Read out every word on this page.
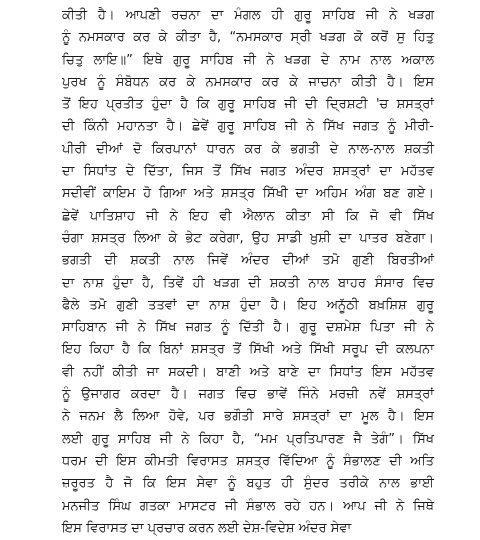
ਕੀਤੀ ਹੈ। ਆਪਣੀ ਰਚਨਾ ਦਾ ਮੰਗਲ ਹੀ ਗੁਰੂ ਸਾਹਿਬ ਜੀ ਨੇ ਖੜਗ
ਨੂੰ ਨਮਸਕਾਰ ਕਰ ਕੇ ਕੀਤਾ ਹੈ, “ਨਮਸਕਾਰ ਸ੍ਰੀ ਖੜਗ ਕੋ ਕਰੋਂ ਸੁ ਹਿਤੁ
ਚਿਤੁ ਲਾਇ॥” ਇਥੇ ਗੁਰੂ ਸਾਹਿਬ ਜੀ ਨੇ ਖੜਗ ਦੇ ਨਾਮ ਨਾਲ ਅਕਾਲ
ਪੁਰਖ ਨੂੰ ਸੰਬੋਧਨ ਕਰ ਕੇ ਨਮਸਕਾਰ ਕਰ ਕੇ ਜਾਚਨਾ ਕੀਤੀ ਹੈ। ਇਸ
ਤੋਂ ਇਹ ਪ੍ਰਤੀਤ ਹੁੰਦਾ ਹੈ ਕਿ ਗੁਰੂ ਸਾਹਿਬ ਜੀ ਦੀ ਦ੍ਰਿਸ਼ਟੀ 'ਚ ਸ਼ਸਤ੍ਰਾਂ
ਦੀ ਕਿੰਨੀ ਮਹਾਨਤਾ ਹੈ। ਛੇਵੇਂ ਗੁਰੂ ਸਾਹਿਬ ਜੀ ਨੇ ਸਿੱਖ ਜਗਤ ਨੂੰ ਮੀਰੀ-
ਪੀਰੀ ਦੀਆਂ ਦੋ ਕਿਰਪਾਨਾਂ ਧਾਰਨ ਕਰ ਕੇ ਭਗਤੀ ਦੇ ਨਾਲ-ਨਾਲ ਸ਼ਕਤੀ
ਦਾ ਸਿਧਾਂਤ ਦੇ ਦਿੱਤਾ, ਜਿਸ ਤੋਂ ਸਿੱਖ ਜਗਤ ਅੰਦਰ ਸ਼ਸਤ੍ਰਾਂ ਦਾ ਮਹੱਤਵ
ਸਦੀਵੀਂ ਕਾਇਮ ਹੋ ਗਿਆ ਅਤੇ ਸ਼ਸਤ੍ਰ ਸਿੱਖੀ ਦਾ ਅਹਿਮ ਅੰਗ ਬਣ ਗਏ।
ਛੇਵੇਂ ਪਾਤਿਸ਼ਾਹ ਜੀ ਨੇ ਇਹ ਵੀ ਐਲਾਨ ਕੀਤਾ ਸੀ ਕਿ ਜੋ ਵੀ ਸਿੱਖ
ਚੰਗਾ ਸ਼ਸਤ੍ਰ ਲਿਆ ਕੇ ਭੇਟ ਕਰੇਗਾ, ਉਹ ਸਾਡੀ ਖ਼ੁਸ਼ੀ ਦਾ ਪਾਤਰ ਬਣੇਗਾ।
ਭਗਤੀ ਦੀ ਸ਼ਕਤੀ ਨਾਲ ਜਿਵੇਂ ਅੰਦਰ ਦੀਆਂ ਤਮੋ ਗੁਣੀ ਬਿਰਤੀਆਂ
ਦਾ ਨਾਸ਼ ਹੁੰਦਾ ਹੈ, ਤਿਵੇਂ ਹੀ ਖੜਗ ਦੀ ਸ਼ਕਤੀ ਨਾਲ ਬਾਹਰ ਸੰਸਾਰ ਵਿਚ
ਫੈਲੇ ਤਮੋ ਗੁਣੀ ਤਤਵਾਂ ਦਾ ਨਾਸ਼ ਹੁੰਦਾ ਹੈ। ਇਹ ਅਨੂੱਠੀ ਬਖ਼ਸ਼ਿਸ਼ ਗੁਰੂ
ਸਾਹਿਬਾਨ ਜੀ ਨੇ ਸਿੱਖ ਜਗਤ ਨੂੰ ਦਿੱਤੀ ਹੈ। ਗੁਰੂ ਦਸ਼ਮੇਸ਼ ਪਿਤਾ ਜੀ ਨੇ
ਇਹ ਕਿਹਾ ਹੈ ਕਿ ਬਿਨਾਂ ਸ਼ਸਤ੍ਰ ਤੋਂ ਸਿੱਖੀ ਅਤੇ ਸਿੱਖੀ ਸਰੂਪ ਦੀ ਕਲਪਨਾ
ਵੀ ਨਹੀਂ ਕੀਤੀ ਜਾ ਸਕਦੀ। ਬਾਣੀ ਅਤੇ ਬਾਣੇ ਦਾ ਸਿਧਾਂਤ ਇਸ ਮਹੱਤਵ
ਨੂੰ ਉਜਾਗਰ ਕਰਦਾ ਹੈ। ਜਗਤ ਵਿਚ ਭਾਵੇਂ ਜਿੰਨੇ ਮਰਜ਼ੀ ਨਵੇਂ ਸ਼ਸਤ੍ਰਾਂ
ਨੇ ਜਨਮ ਲੈ ਲਿਆ ਹੋਵੇ, ਪਰ ਭਗੌਤੀ ਸਾਰੇ ਸ਼ਸਤ੍ਰਾਂ ਦਾ ਮੂਲ ਹੈ। ਇਸ
ਲਈ ਗੁਰੂ ਸਾਹਿਬ ਜੀ ਨੇ ਕਿਹਾ ਹੈ, “ਮਮ ਪ੍ਰਤਿਪਾਰਣ ਜੈ ਤੇਗੰ”। ਸਿੱਖ
ਧਰਮ ਦੀ ਇਸ ਕੀਮਤੀ ਵਿਰਾਸਤ ਸ਼ਸਤ੍ਰ ਵਿੱਦਿਆ ਨੂੰ ਸੰਭਾਲਣ ਦੀ ਅਤਿ
ਜ਼ਰੂਰਤ ਹੈ ਜੋ ਕਿ ਇਸ ਸੇਵਾ ਨੂੰ ਬਹੁਤ ਹੀ ਸੁੰਦਰ ਤਰੀਕੇ ਨਾਲ ਭਾਈ
ਮਨਜੀਤ ਸਿੰਘ ਗਤਕਾ ਮਾਸਟਰ ਜੀ ਸੰਭਾਲ ਰਹੇ ਹਨ। ਆਪ ਜੀ ਨੇ ਜਿਥੇ
ਇਸ ਵਿਰਾਸਤ ਦਾ ਪ੍ਰਚਾਰ ਕਰਨ ਲਈ ਦੇਸ਼-ਵਿਦੇਸ਼ ਅੰਦਰ ਸੇਵਾ
